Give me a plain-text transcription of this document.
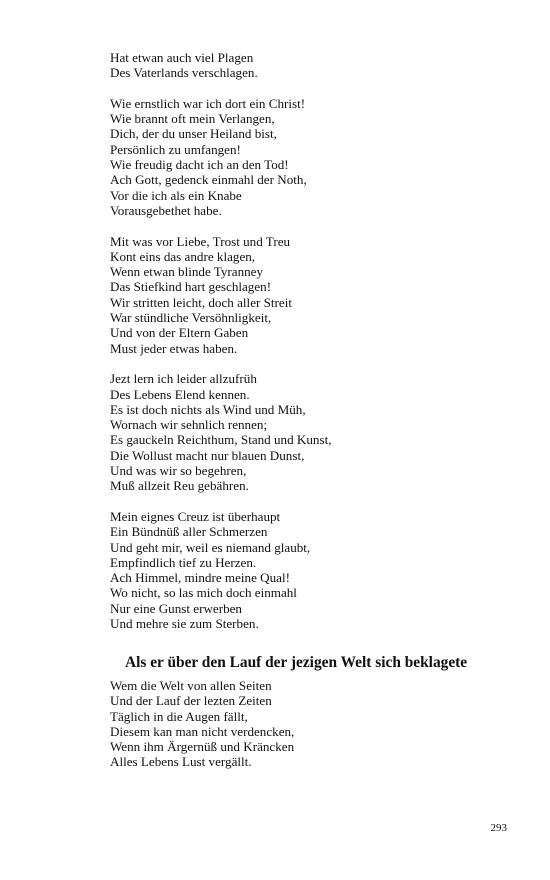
Hat etwan auch viel Plagen
Des Vaterlands verschlagen.
Wie ernstlich war ich dort ein Christ!
Wie brannt oft mein Verlangen,
Dich, der du unser Heiland bist,
Persönlich zu umfangen!
Wie freudig dacht ich an den Tod!
Ach Gott, gedenck einmahl der Noth,
Vor die ich als ein Knabe
Vorausgebethet habe.
Mit was vor Liebe, Trost und Treu
Kont eins das andre klagen,
Wenn etwan blinde Tyranney
Das Stiefkind hart geschlagen!
Wir stritten leicht, doch aller Streit
War stündliche Versöhnligkeit,
Und von der Eltern Gaben
Must jeder etwas haben.
Jezt lern ich leider allzufrüh
Des Lebens Elend kennen.
Es ist doch nichts als Wind und Müh,
Wornach wir sehnlich rennen;
Es gauckeln Reichthum, Stand und Kunst,
Die Wollust macht nur blauen Dunst,
Und was wir so begehren,
Muß allzeit Reu gebähren.
Mein eignes Creuz ist überhaupt
Ein Bündnüß aller Schmerzen
Und geht mir, weil es niemand glaubt,
Empfindlich tief zu Herzen.
Ach Himmel, mindre meine Qual!
Wo nicht, so las mich doch einmahl
Nur eine Gunst erwerben
Und mehre sie zum Sterben.
Als er über den Lauf der jezigen Welt sich beklagete
Wem die Welt von allen Seiten
Und der Lauf der lezten Zeiten
Täglich in die Augen fällt,
Diesem kan man nicht verdencken,
Wenn ihm Ärgernüß und Kräncken
Alles Lebens Lust vergällt.
293
